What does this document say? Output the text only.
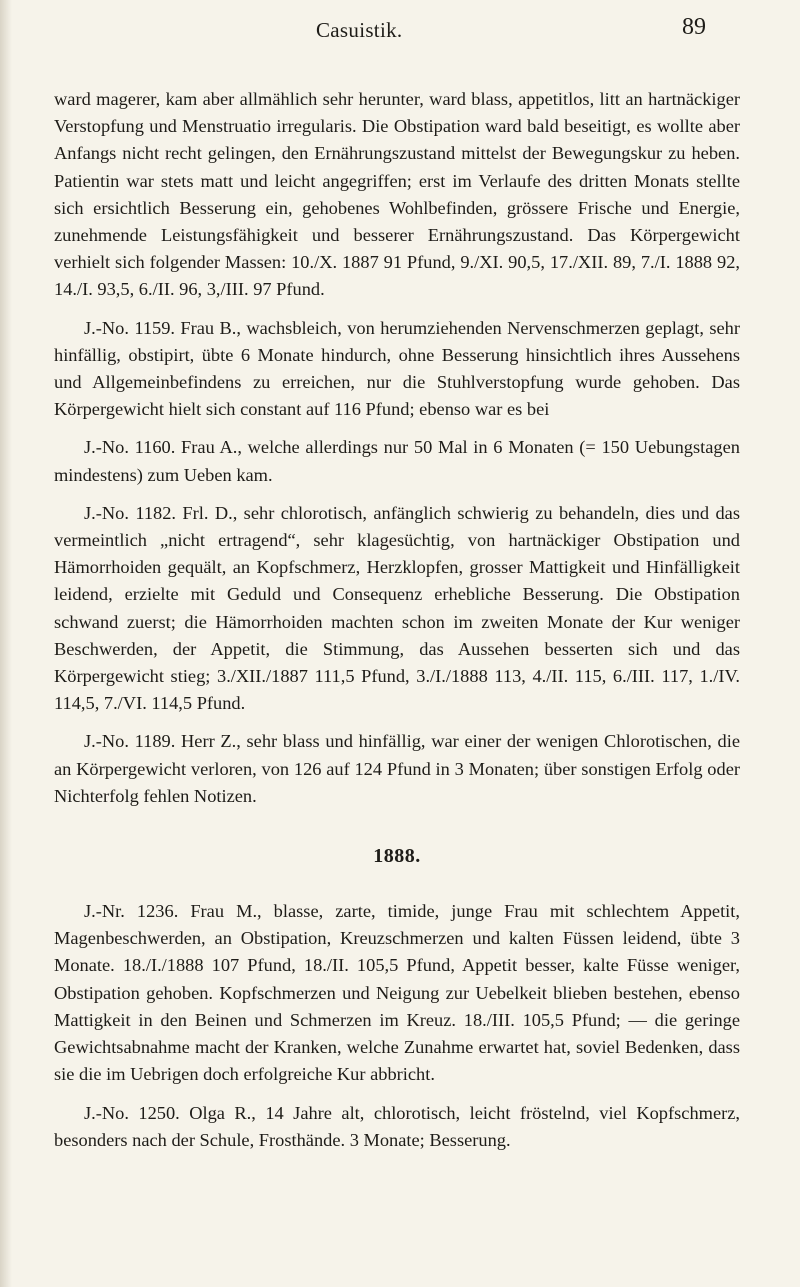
Casuistik.	89

ward magerer, kam aber allmählich sehr herunter, ward blass, appetitlos, litt an hartnäckiger Verstopfung und Menstruatio irregularis. Die Obstipation ward bald beseitigt, es wollte aber Anfangs nicht recht gelingen, den Ernährungszustand mittelst der Bewegungskur zu heben. Patientin war stets matt und leicht angegriffen; erst im Verlaufe des dritten Monats stellte sich ersichtlich Besserung ein, gehobenes Wohlbefinden, grössere Frische und Energie, zunehmende Leistungsfähigkeit und besserer Ernährungszustand. Das Körpergewicht verhielt sich folgender Massen: 10./X. 1887 91 Pfund, 9./XI. 90,5, 17./XII. 89, 7./I. 1888 92, 14./I. 93,5, 6./II. 96, 3,/III. 97 Pfund.

J.-No. 1159. Frau B., wachsbleich, von herumziehenden Nervenschmerzen geplagt, sehr hinfällig, obstipirt, übte 6 Monate hindurch, ohne Besserung hinsichtlich ihres Aussehens und Allgemeinbefindens zu erreichen, nur die Stuhlverstopfung wurde gehoben. Das Körpergewicht hielt sich constant auf 116 Pfund; ebenso war es bei

J.-No. 1160. Frau A., welche allerdings nur 50 Mal in 6 Monaten (= 150 Uebungstagen mindestens) zum Ueben kam.

J.-No. 1182. Frl. D., sehr chlorotisch, anfänglich schwierig zu behandeln, dies und das vermeintlich „nicht ertragend“, sehr klagesüchtig, von hartnäckiger Obstipation und Hämorrhoiden gequält, an Kopfschmerz, Herzklopfen, grosser Mattigkeit und Hinfälligkeit leidend, erzielte mit Geduld und Consequenz erhebliche Besserung. Die Obstipation schwand zuerst; die Hämorrhoiden machten schon im zweiten Monate der Kur weniger Beschwerden, der Appetit, die Stimmung, das Aussehen besserten sich und das Körpergewicht stieg; 3./XII./1887 111,5 Pfund, 3./I./1888 113, 4./II. 115, 6./III. 117, 1./IV. 114,5, 7./VI. 114,5 Pfund.

J.-No. 1189. Herr Z., sehr blass und hinfällig, war einer der wenigen Chlorotischen, die an Körpergewicht verloren, von 126 auf 124 Pfund in 3 Monaten; über sonstigen Erfolg oder Nichterfolg fehlen Notizen.

1888.

J.-Nr. 1236. Frau M., blasse, zarte, timide, junge Frau mit schlechtem Appetit, Magenbeschwerden, an Obstipation, Kreuzschmerzen und kalten Füssen leidend, übte 3 Monate. 18./I./1888 107 Pfund, 18./II. 105,5 Pfund, Appetit besser, kalte Füsse weniger, Obstipation gehoben. Kopfschmerzen und Neigung zur Uebelkeit blieben bestehen, ebenso Mattigkeit in den Beinen und Schmerzen im Kreuz. 18./III. 105,5 Pfund; — die geringe Gewichtsabnahme macht der Kranken, welche Zunahme erwartet hat, soviel Bedenken, dass sie die im Uebrigen doch erfolgreiche Kur abbricht.

J.-No. 1250. Olga R., 14 Jahre alt, chlorotisch, leicht fröstelnd, viel Kopfschmerz, besonders nach der Schule, Frosthände. 3 Monate; Besserung.
